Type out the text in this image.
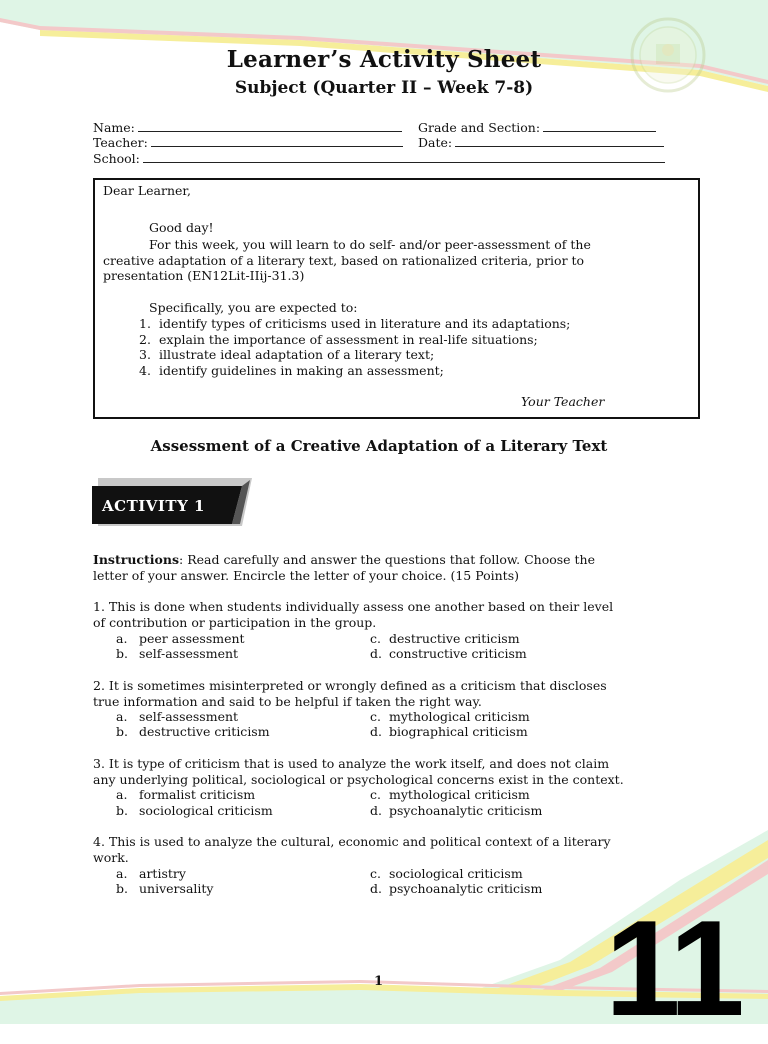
Learner’s Activity Sheet
Subject (Quarter II – Week 7-8)
Name:	Grade and Section:
Teacher:	Date:
School:
Dear Learner,
Good day!
For this week, you will learn to do self- and/or peer-assessment of the
creative adaptation of a literary text, based on rationalized criteria, prior to
presentation (EN12Lit-IIij-31.3)
Specifically, you are expected to:
1. identify types of criticisms used in literature and its adaptations;
2. explain the importance of assessment in real-life situations;
3. illustrate ideal adaptation of a literary text;
4. identify guidelines in making an assessment;
Your Teacher
Assessment of a Creative Adaptation of a Literary Text
ACTIVITY 1
Instructions: Read carefully and answer the questions that follow. Choose the
letter of your answer. Encircle the letter of your choice. (15 Points)
1. This is done when students individually assess one another based on their level
of contribution or participation in the group.
a. peer assessment	c. destructive criticism
b. self-assessment	d. constructive criticism
2. It is sometimes misinterpreted or wrongly defined as a criticism that discloses
true information and said to be helpful if taken the right way.
a. self-assessment	c. mythological criticism
b. destructive criticism	d. biographical criticism
3. It is type of criticism that is used to analyze the work itself, and does not claim
any underlying political, sociological or psychological concerns exist in the context.
a. formalist criticism	c. mythological criticism
b. sociological criticism	d. psychoanalytic criticism
4. This is used to analyze the cultural, economic and political context of a literary
work.
a. artistry	c. sociological criticism
b. universality	d. psychoanalytic criticism
1 11
